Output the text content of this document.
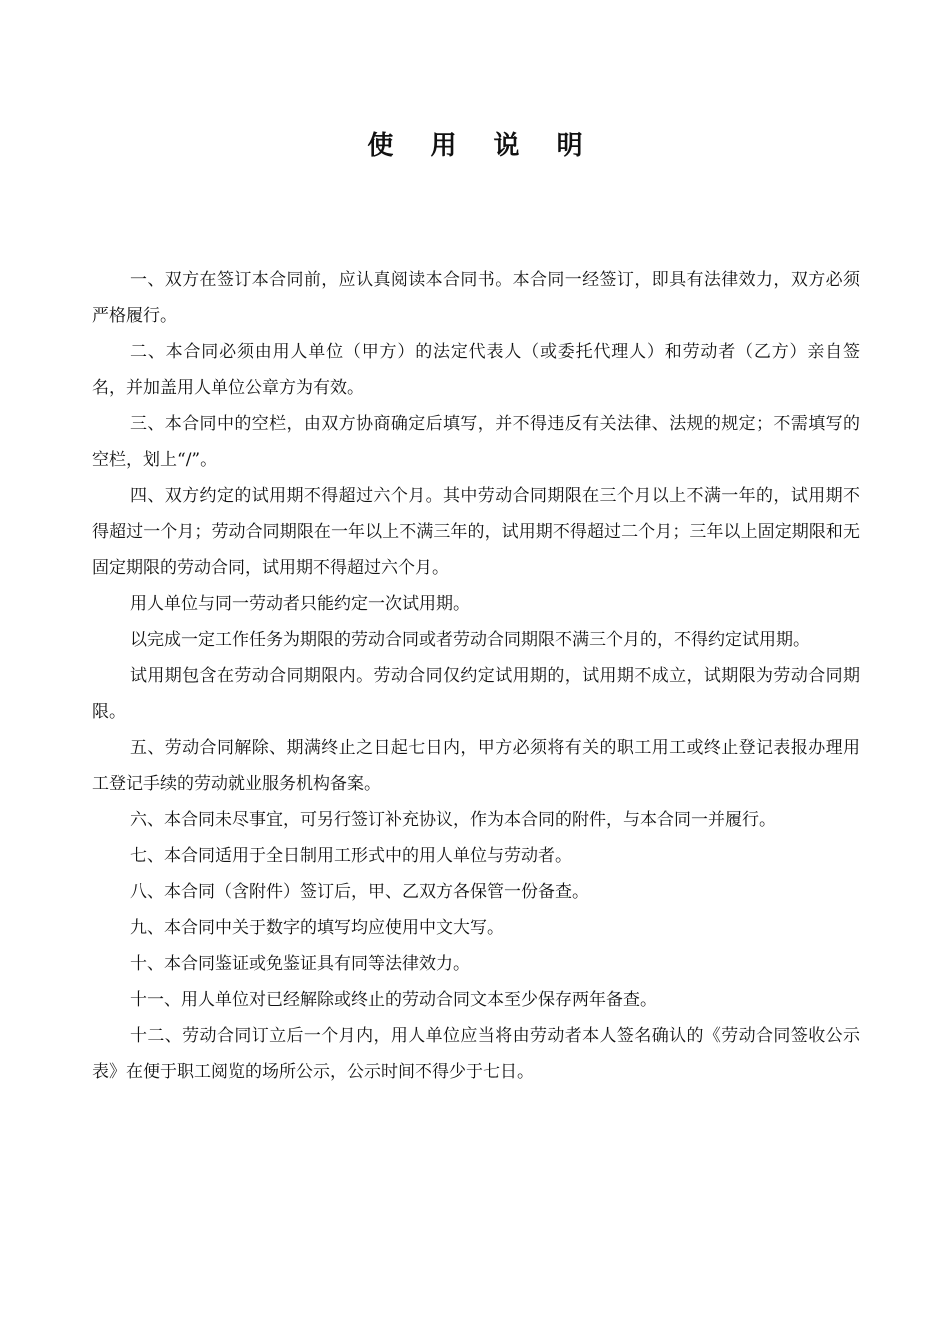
使 用 说 明

一、双方在签订本合同前，应认真阅读本合同书。本合同一经签订，即具有法律效力，双方必须严格履行。

二、本合同必须由用人单位（甲方）的法定代表人（或委托代理人）和劳动者（乙方）亲自签名，并加盖用人单位公章方为有效。

三、本合同中的空栏，由双方协商确定后填写，并不得违反有关法律、法规的规定；不需填写的空栏，划上“/”。

四、双方约定的试用期不得超过六个月。其中劳动合同期限在三个月以上不满一年的，试用期不得超过一个月；劳动合同期限在一年以上不满三年的，试用期不得超过二个月；三年以上固定期限和无固定期限的劳动合同，试用期不得超过六个月。

用人单位与同一劳动者只能约定一次试用期。

以完成一定工作任务为期限的劳动合同或者劳动合同期限不满三个月的，不得约定试用期。

试用期包含在劳动合同期限内。劳动合同仅约定试用期的，试用期不成立，试期限为劳动合同期限。

五、劳动合同解除、期满终止之日起七日内，甲方必须将有关的职工用工或终止登记表报办理用工登记手续的劳动就业服务机构备案。

六、本合同未尽事宜，可另行签订补充协议，作为本合同的附件，与本合同一并履行。

七、本合同适用于全日制用工形式中的用人单位与劳动者。

八、本合同（含附件）签订后，甲、乙双方各保管一份备查。

九、本合同中关于数字的填写均应使用中文大写。

十、本合同鉴证或免鉴证具有同等法律效力。

十一、用人单位对已经解除或终止的劳动合同文本至少保存两年备查。

十二、劳动合同订立后一个月内，用人单位应当将由劳动者本人签名确认的《劳动合同签收公示表》在便于职工阅览的场所公示，公示时间不得少于七日。
